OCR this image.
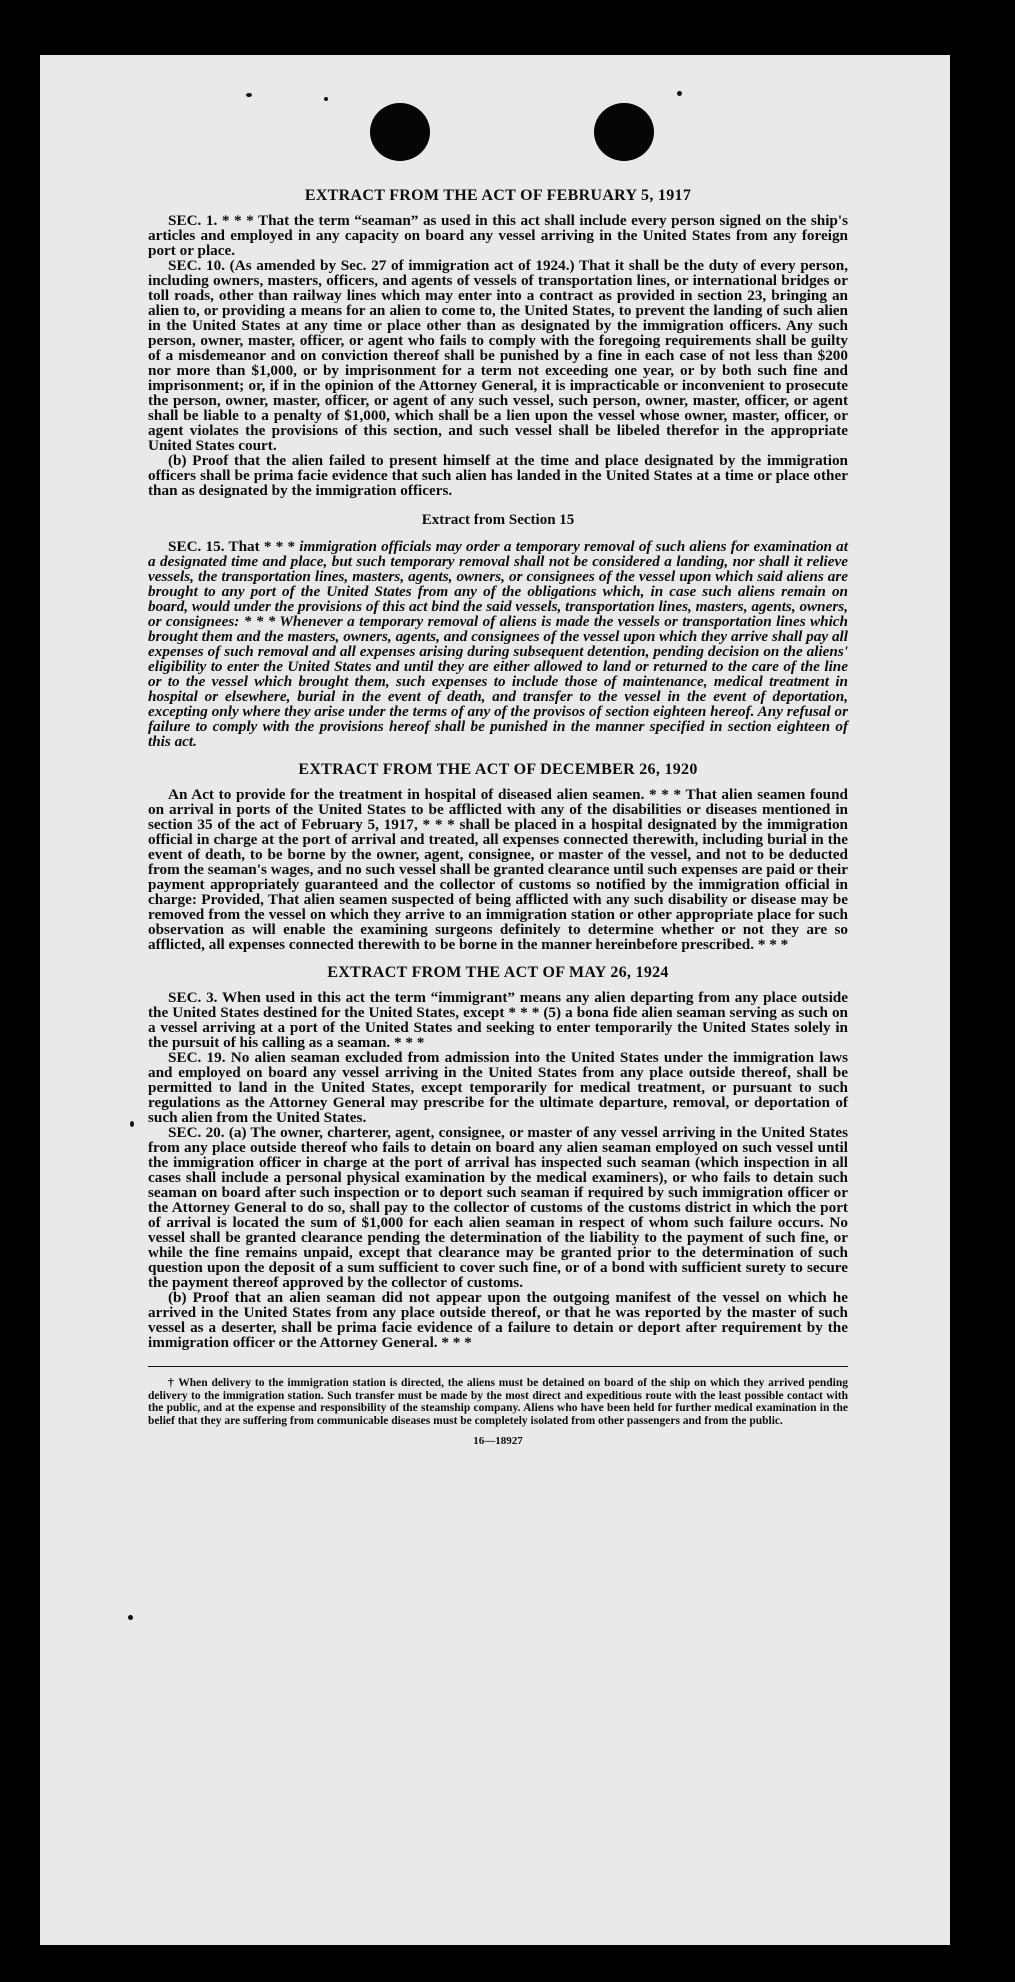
EXTRACT FROM THE ACT OF FEBRUARY 5, 1917

SEC. 1. * * * That the term “seaman” as used in this act shall include every person signed on the ship's articles and employed in any capacity on board any vessel arriving in the United States from any foreign port or place.

SEC. 10. (As amended by Sec. 27 of immigration act of 1924.) That it shall be the duty of every person, including owners, masters, officers, and agents of vessels of transportation lines, or international bridges or toll roads, other than railway lines which may enter into a contract as provided in section 23, bringing an alien to, or providing a means for an alien to come to, the United States, to prevent the landing of such alien in the United States at any time or place other than as designated by the immigration officers. Any such person, owner, master, officer, or agent who fails to comply with the foregoing requirements shall be guilty of a misdemeanor and on conviction thereof shall be punished by a fine in each case of not less than $200 nor more than $1,000, or by imprisonment for a term not exceeding one year, or by both such fine and imprisonment; or, if in the opinion of the Attorney General, it is impracticable or inconvenient to prosecute the person, owner, master, officer, or agent of any such vessel, such person, owner, master, officer, or agent shall be liable to a penalty of $1,000, which shall be a lien upon the vessel whose owner, master, officer, or agent violates the provisions of this section, and such vessel shall be libeled therefor in the appropriate United States court.

(b) Proof that the alien failed to present himself at the time and place designated by the immigration officers shall be prima facie evidence that such alien has landed in the United States at a time or place other than as designated by the immigration officers.

Extract from Section 15

SEC. 15. That * * * immigration officials may order a temporary removal of such aliens for examination at a designated time and place, but such temporary removal shall not be considered a landing, nor shall it relieve vessels, the transportation lines, masters, agents, owners, or consignees of the vessel upon which said aliens are brought to any port of the United States from any of the obligations which, in case such aliens remain on board, would under the provisions of this act bind the said vessels, transportation lines, masters, agents, owners, or consignees: * * * Whenever a temporary removal of aliens is made the vessels or transportation lines which brought them and the masters, owners, agents, and consignees of the vessel upon which they arrive shall pay all expenses of such removal and all expenses arising during subsequent detention, pending decision on the aliens' eligibility to enter the United States and until they are either allowed to land or returned to the care of the line or to the vessel which brought them, such expenses to include those of maintenance, medical treatment in hospital or elsewhere, burial in the event of death, and transfer to the vessel in the event of deportation, excepting only where they arise under the terms of any of the provisos of section eighteen hereof. Any refusal or failure to comply with the provisions hereof shall be punished in the manner specified in section eighteen of this act.

EXTRACT FROM THE ACT OF DECEMBER 26, 1920

An Act to provide for the treatment in hospital of diseased alien seamen. * * * That alien seamen found on arrival in ports of the United States to be afflicted with any of the disabilities or diseases mentioned in section 35 of the act of February 5, 1917, * * * shall be placed in a hospital designated by the immigration official in charge at the port of arrival and treated, all expenses connected therewith, including burial in the event of death, to be borne by the owner, agent, consignee, or master of the vessel, and not to be deducted from the seaman's wages, and no such vessel shall be granted clearance until such expenses are paid or their payment appropriately guaranteed and the collector of customs so notified by the immigration official in charge: Provided, That alien seamen suspected of being afflicted with any such disability or disease may be removed from the vessel on which they arrive to an immigration station or other appropriate place for such observation as will enable the examining surgeons definitely to determine whether or not they are so afflicted, all expenses connected therewith to be borne in the manner hereinbefore prescribed. * * *

EXTRACT FROM THE ACT OF MAY 26, 1924

SEC. 3. When used in this act the term “immigrant” means any alien departing from any place outside the United States destined for the United States, except * * * (5) a bona fide alien seaman serving as such on a vessel arriving at a port of the United States and seeking to enter temporarily the United States solely in the pursuit of his calling as a seaman. * * *

SEC. 19. No alien seaman excluded from admission into the United States under the immigration laws and employed on board any vessel arriving in the United States from any place outside thereof, shall be permitted to land in the United States, except temporarily for medical treatment, or pursuant to such regulations as the Attorney General may prescribe for the ultimate departure, removal, or deportation of such alien from the United States.

SEC. 20. (a) The owner, charterer, agent, consignee, or master of any vessel arriving in the United States from any place outside thereof who fails to detain on board any alien seaman employed on such vessel until the immigration officer in charge at the port of arrival has inspected such seaman (which inspection in all cases shall include a personal physical examination by the medical examiners), or who fails to detain such seaman on board after such inspection or to deport such seaman if required by such immigration officer or the Attorney General to do so, shall pay to the collector of customs of the customs district in which the port of arrival is located the sum of $1,000 for each alien seaman in respect of whom such failure occurs. No vessel shall be granted clearance pending the determination of the liability to the payment of such fine, or while the fine remains unpaid, except that clearance may be granted prior to the determination of such question upon the deposit of a sum sufficient to cover such fine, or of a bond with sufficient surety to secure the payment thereof approved by the collector of customs.

(b) Proof that an alien seaman did not appear upon the outgoing manifest of the vessel on which he arrived in the United States from any place outside thereof, or that he was reported by the master of such vessel as a deserter, shall be prima facie evidence of a failure to detain or deport after requirement by the immigration officer or the Attorney General. * * *

† When delivery to the immigration station is directed, the aliens must be detained on board of the ship on which they arrived pending delivery to the immigration station. Such transfer must be made by the most direct and expeditious route with the least possible contact with the public, and at the expense and responsibility of the steamship company. Aliens who have been held for further medical examination in the belief that they are suffering from communicable diseases must be completely isolated from other passengers and from the public.

16—18927
